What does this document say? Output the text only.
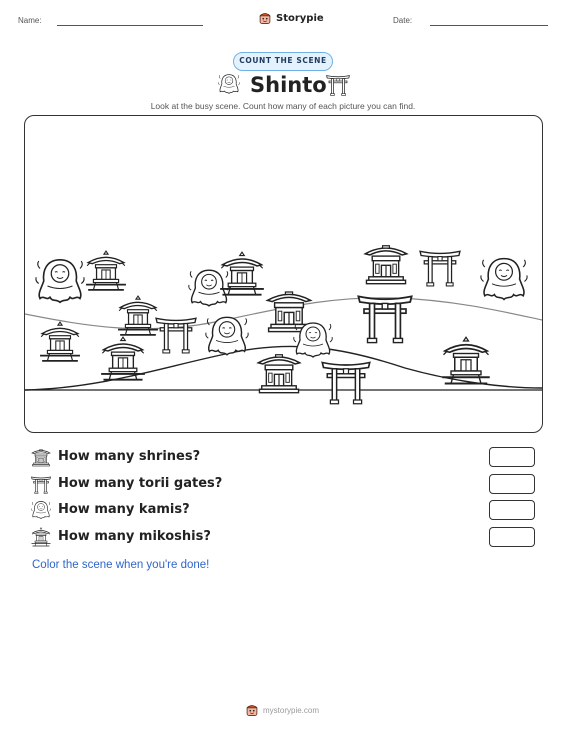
Name:	Storypie	Date:
COUNT THE SCENE
Shinto
Look at the busy scene. Count how many of each picture you can find.
How many shrines?
How many torii gates?
How many kamis?
How many mikoshis?
Color the scene when you're done!
mystorypie.com
